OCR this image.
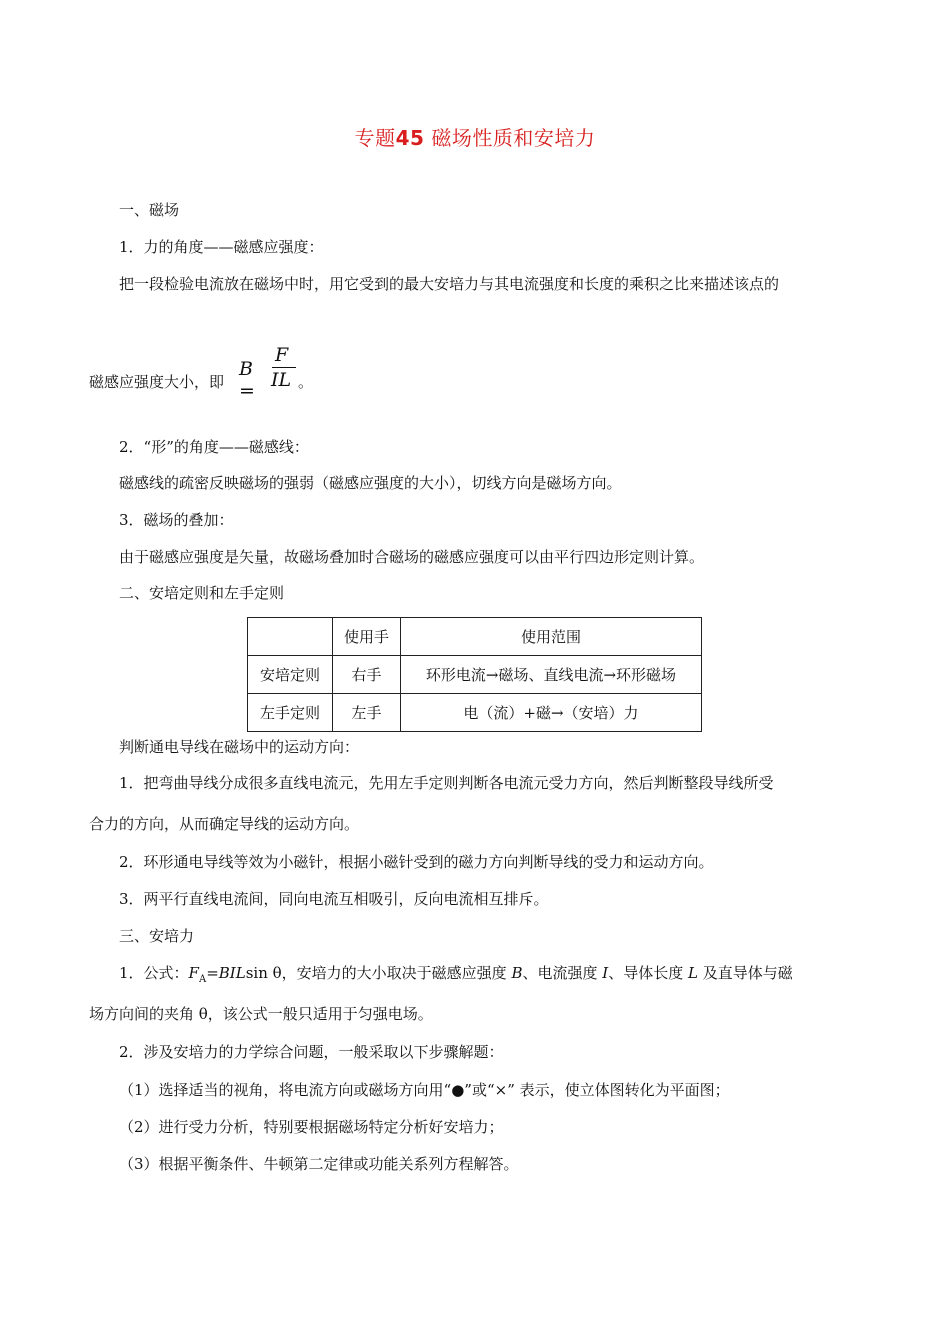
专题45 磁场性质和安培力
一、磁场
1．力的角度——磁感应强度：
把一段检验电流放在磁场中时，用它受到的最大安培力与其电流强度和长度的乘积之比来描述该点的
磁感应强度大小，即
B =
F
IL 。
2．“形”的角度——磁感线：
磁感线的疏密反映磁场的强弱（磁感应强度的大小），切线方向是磁场方向。
3．磁场的叠加：
由于磁感应强度是矢量，故磁场叠加时合磁场的磁感应强度可以由平行四边形定则计算。
二、安培定则和左手定则
	使用手	使用范围
安培定则	右手	环形电流→磁场、直线电流→环形磁场
左手定则	左手	电（流）+磁→（安培）力
判断通电导线在磁场中的运动方向：
1．把弯曲导线分成很多直线电流元，先用左手定则判断各电流元受力方向，然后判断整段导线所受
合力的方向，从而确定导线的运动方向。
2．环形通电导线等效为小磁针，根据小磁针受到的磁力方向判断导线的受力和运动方向。
3．两平行直线电流间，同向电流互相吸引，反向电流相互排斥。
三、安培力
1．公式：$F_A=BILsin$ θ，安培力的大小取决于磁感应强度 B、电流强度 I、导体长度 L 及直导体与磁
场方向间的夹角 θ，该公式一般只适用于匀强电场。
2．涉及安培力的力学综合问题，一般采取以下步骤解题：
（1）选择适当的视角，将电流方向或磁场方向用“●”或“×” 表示，使立体图转化为平面图；
（2）进行受力分析，特别要根据磁场特定分析好安培力；
（3）根据平衡条件、牛顿第二定律或功能关系列方程解答。
